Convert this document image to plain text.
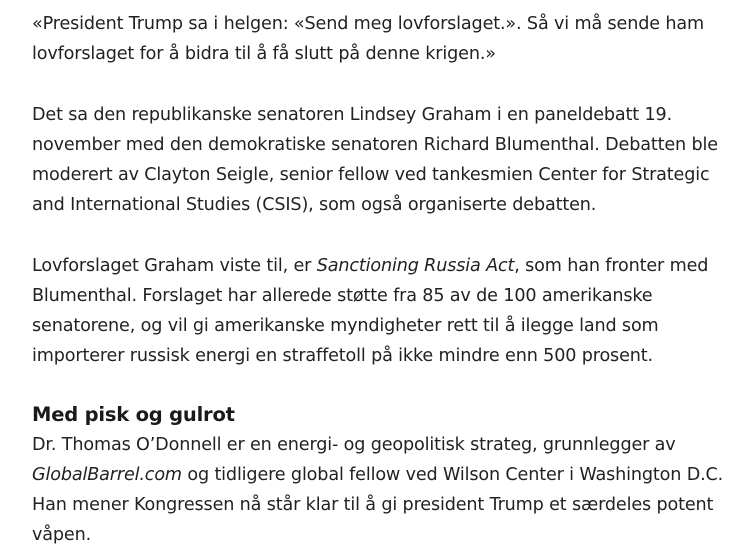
«President Trump sa i helgen: «Send meg lovforslaget.». Så vi må sende ham
lovforslaget for å bidra til å få slutt på denne krigen.»

Det sa den republikanske senatoren Lindsey Graham i en paneldebatt 19.
november med den demokratiske senatoren Richard Blumenthal. Debatten ble
moderert av Clayton Seigle, senior fellow ved tankesmien Center for Strategic
and International Studies (CSIS), som også organiserte debatten.

Lovforslaget Graham viste til, er Sanctioning Russia Act, som han fronter med
Blumenthal. Forslaget har allerede støtte fra 85 av de 100 amerikanske
senatorene, og vil gi amerikanske myndigheter rett til å ilegge land som
importerer russisk energi en straffetoll på ikke mindre enn 500 prosent.

Med pisk og gulrot

Dr. Thomas O’Donnell er en energi- og geopolitisk strateg, grunnlegger av
GlobalBarrel.com og tidligere global fellow ved Wilson Center i Washington D.C.
Han mener Kongressen nå står klar til å gi president Trump et særdeles potent
våpen.
